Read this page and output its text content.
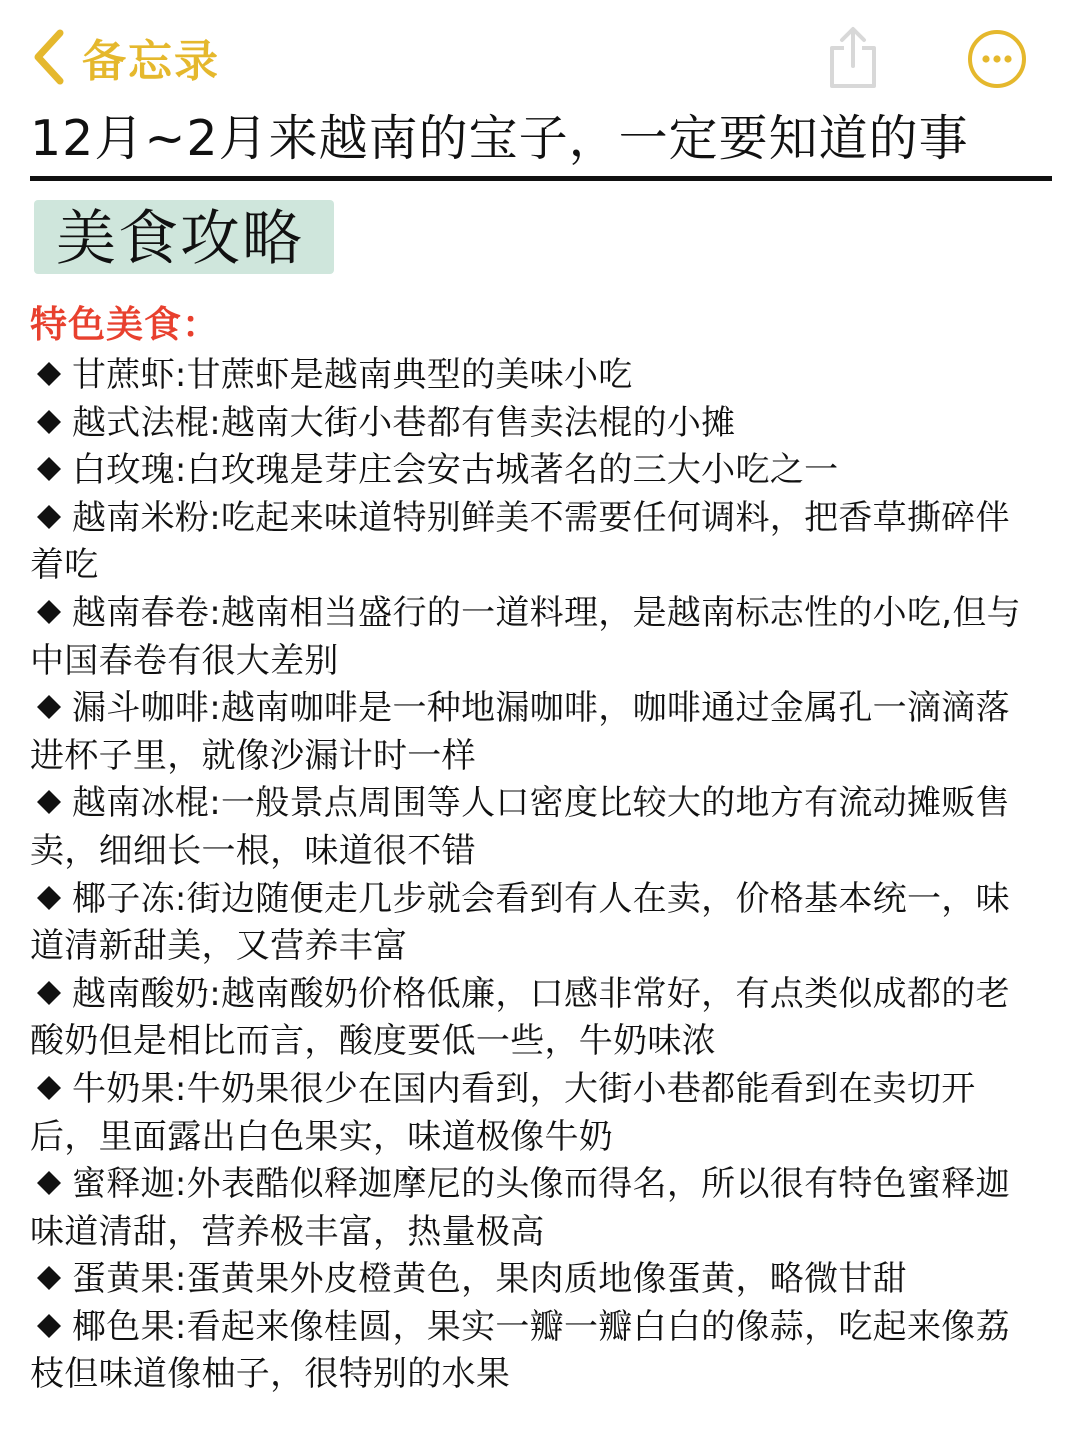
备忘录
12月~2月来越南的宝子，一定要知道的事
美食攻略
特色美食：
甘蔗虾:甘蔗虾是越南典型的美味小吃
越式法棍:越南大街小巷都有售卖法棍的小摊
白玫瑰:白玫瑰是芽庄会安古城著名的三大小吃之一
越南米粉:吃起来味道特别鲜美不需要任何调料，把香草撕碎伴着吃
越南春卷:越南相当盛行的一道料理，是越南标志性的小吃,但与中国春卷有很大差别
漏斗咖啡:越南咖啡是一种地漏咖啡，咖啡通过金属孔一滴滴落进杯子里，就像沙漏计时一样
越南冰棍:一般景点周围等人口密度比较大的地方有流动摊贩售卖，细细长一根，味道很不错
椰子冻:街边随便走几步就会看到有人在卖，价格基本统一，味道清新甜美，又营养丰富
越南酸奶:越南酸奶价格低廉，口感非常好，有点类似成都的老酸奶但是相比而言，酸度要低一些，牛奶味浓
牛奶果:牛奶果很少在国内看到，大街小巷都能看到在卖切开后，里面露出白色果实，味道极像牛奶
蜜释迦:外表酷似释迦摩尼的头像而得名，所以很有特色蜜释迦味道清甜，营养极丰富，热量极高
蛋黄果:蛋黄果外皮橙黄色，果肉质地像蛋黄，略微甘甜
椰色果:看起来像桂圆，果实一瓣一瓣白白的像蒜，吃起来像荔枝但味道像柚子，很特别的水果
